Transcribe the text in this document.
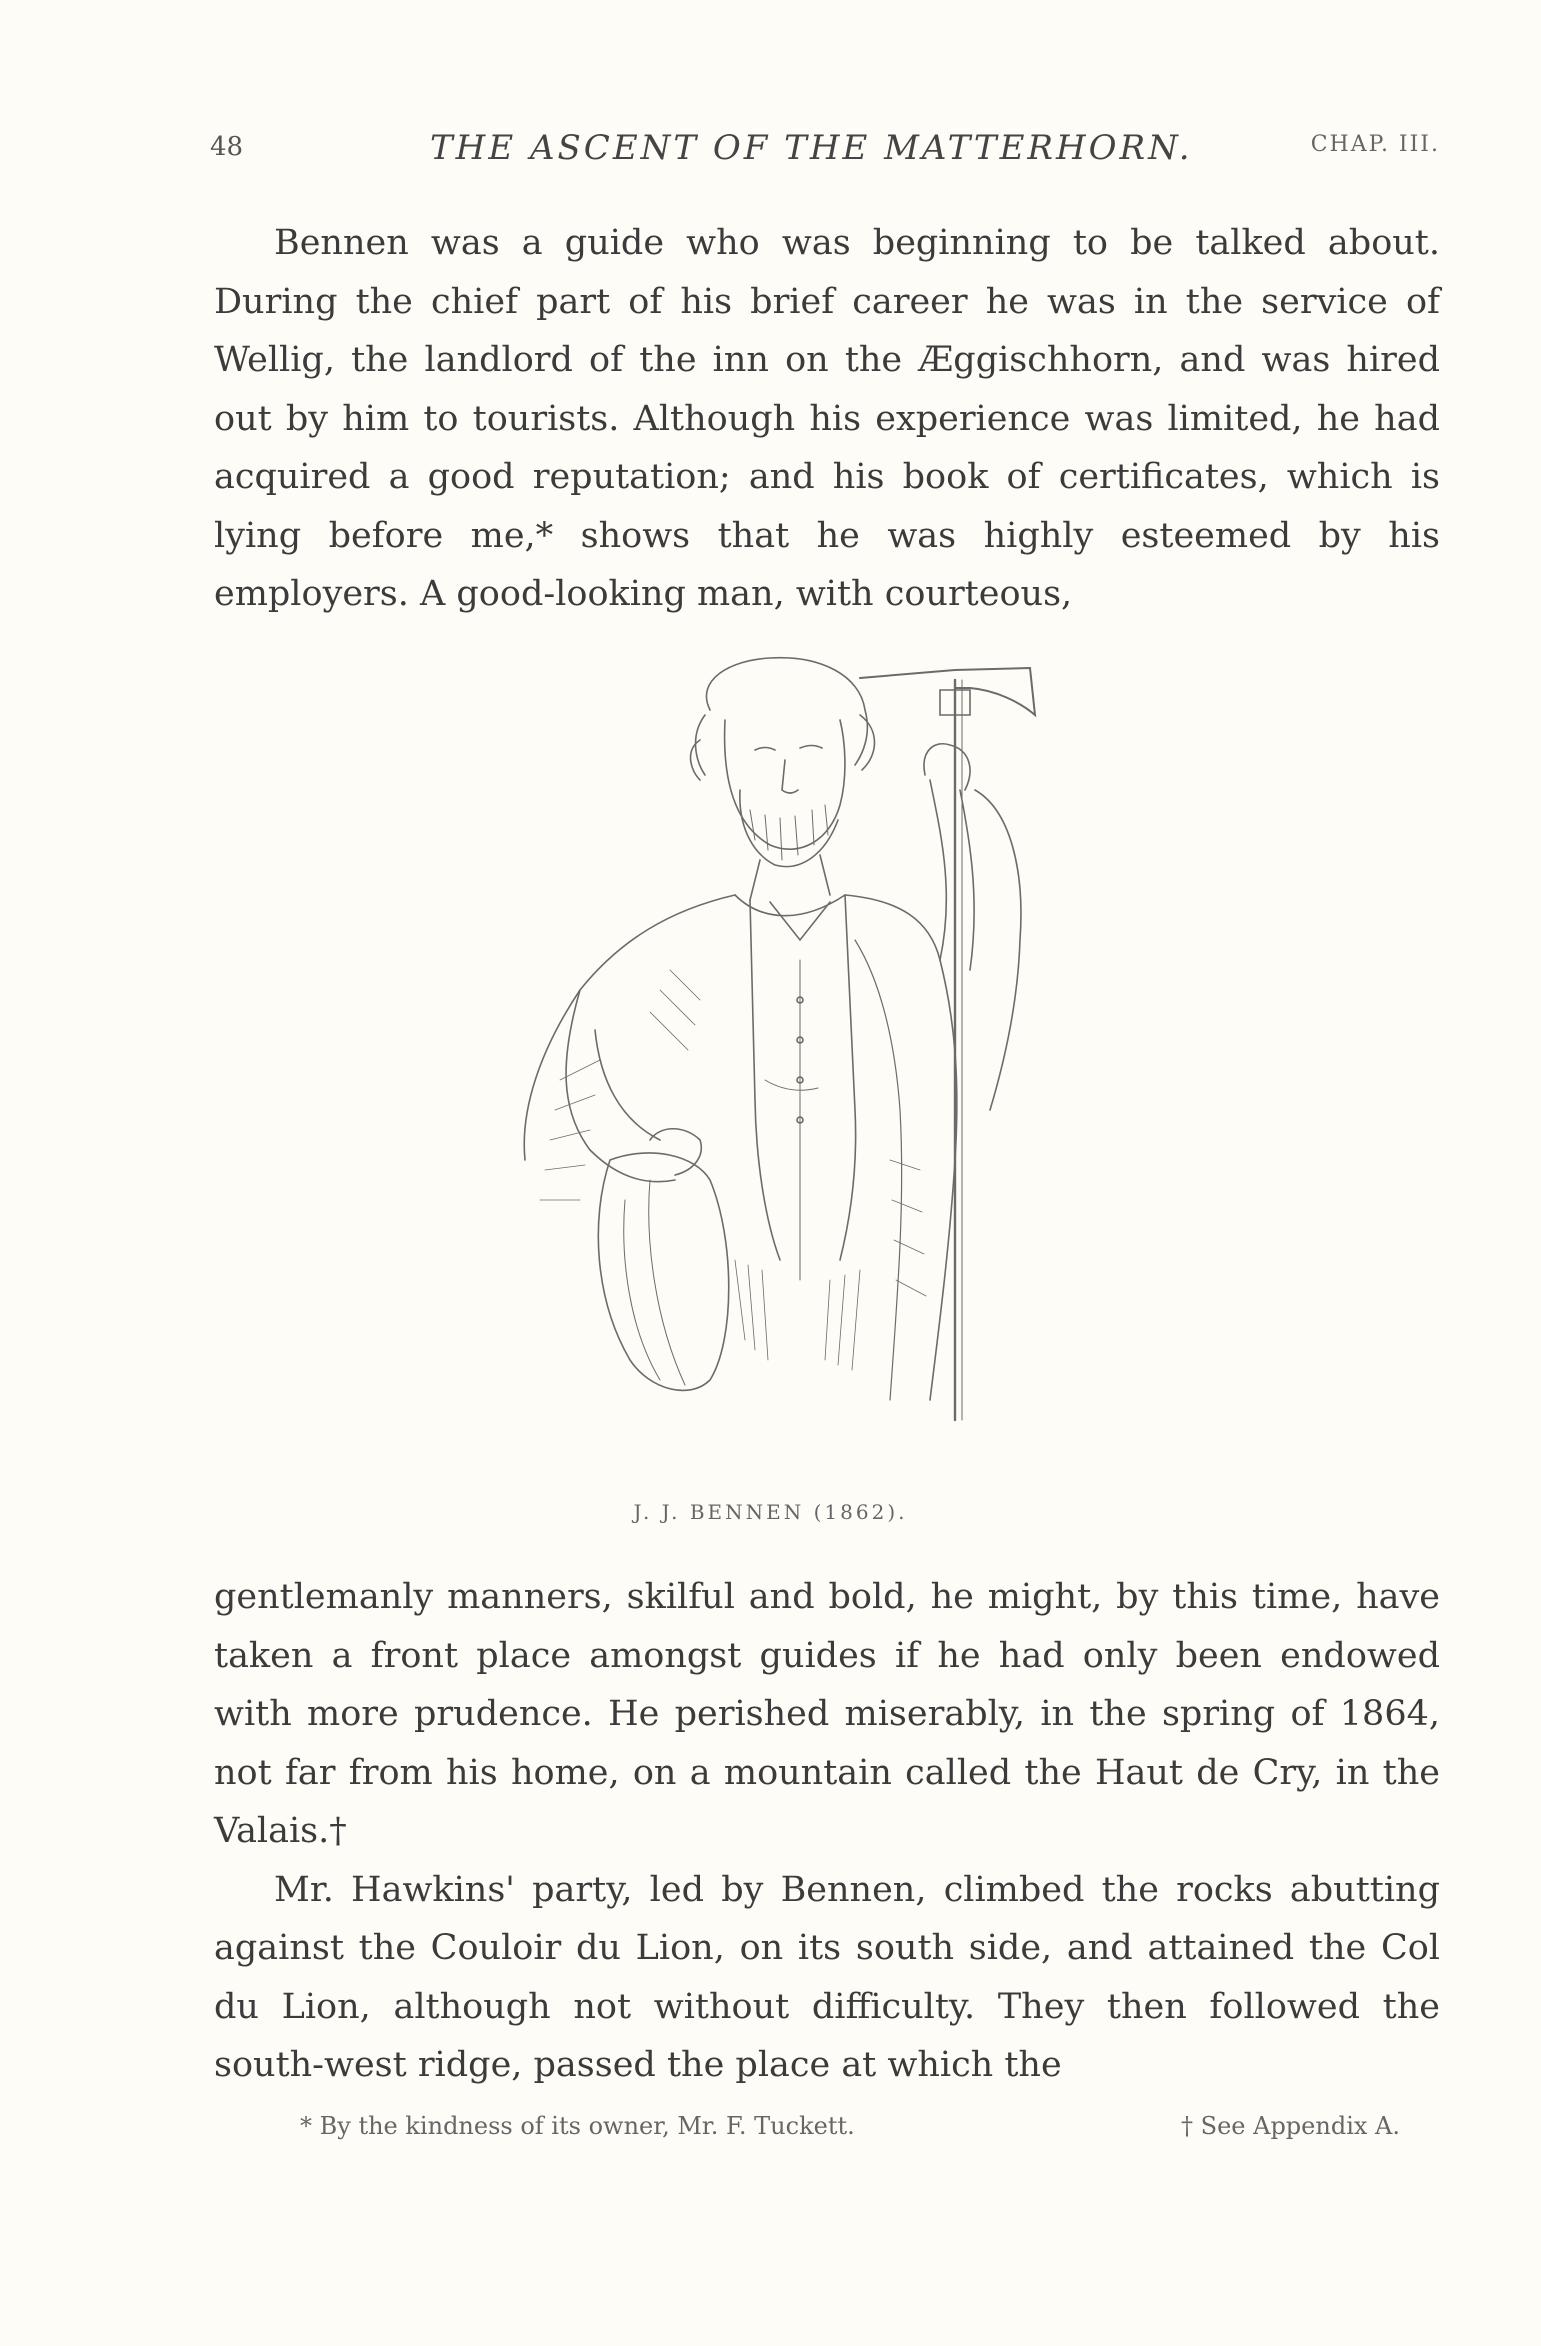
48	THE ASCENT OF THE MATTERHORN.	CHAP. III.

Bennen was a guide who was beginning to be talked about. During the chief part of his brief career he was in the service of Wellig, the landlord of the inn on the Æggischhorn, and was hired out by him to tourists. Although his experience was limited, he had acquired a good reputation; and his book of certificates, which is lying before me,* shows that he was highly esteemed by his employers. A good-looking man, with courteous,

J. J. BENNEN (1862).

gentlemanly manners, skilful and bold, he might, by this time, have taken a front place amongst guides if he had only been endowed with more prudence. He perished miserably, in the spring of 1864, not far from his home, on a mountain called the Haut de Cry, in the Valais.†

Mr. Hawkins' party, led by Bennen, climbed the rocks abutting against the Couloir du Lion, on its south side, and attained the Col du Lion, although not without difficulty. They then followed the south-west ridge, passed the place at which the

* By the kindness of its owner, Mr. F. Tuckett.	† See Appendix A.
